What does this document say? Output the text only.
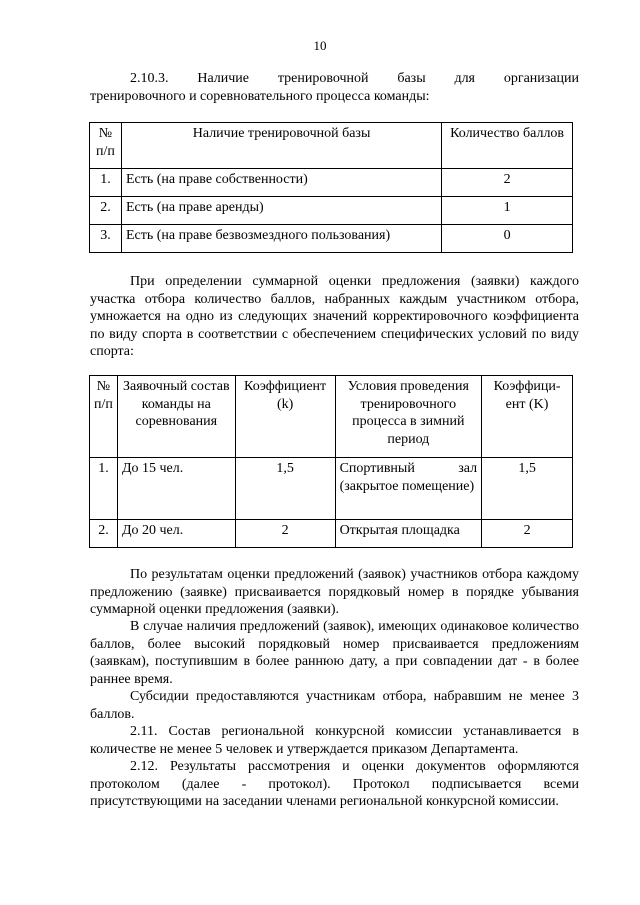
10
2.10.3. Наличие тренировочной базы для организации
тренировочного и соревновательного процесса команды:
№ п/п	Наличие тренировочной базы	Количество баллов
1.	Есть (на праве собственности)	2
2.	Есть (на праве аренды)	1
3.	Есть (на праве безвозмездного пользования)	0
При определении суммарной оценки предложения (заявки) каждого участка отбора количество баллов, набранных каждым участником отбора, умножается на одно из следующих значений корректировочного коэффициента по виду спорта в соответствии с обеспечением специфических условий по виду спорта:
№ п/п	Заявочный состав команды на соревнования	Коэффициент (k)	Условия проведения тренировочного процесса в зимний период	Коэффици-ент (K)
1.	До 15 чел.	1,5	Спортивный зал (закрытое помещение)	1,5
2.	До 20 чел.	2	Открытая площадка	2
По результатам оценки предложений (заявок) участников отбора каждому предложению (заявке) присваивается порядковый номер в порядке убывания суммарной оценки предложения (заявки).
В случае наличия предложений (заявок), имеющих одинаковое количество баллов, более высокий порядковый номер присваивается предложениям (заявкам), поступившим в более раннюю дату, а при совпадении дат - в более раннее время.
Субсидии предоставляются участникам отбора, набравшим не менее 3 баллов.
2.11. Состав региональной конкурсной комиссии устанавливается в количестве не менее 5 человек и утверждается приказом Департамента.
2.12. Результаты рассмотрения и оценки документов оформляются протоколом (далее - протокол). Протокол подписывается всеми присутствующими на заседании членами региональной конкурсной комиссии.
